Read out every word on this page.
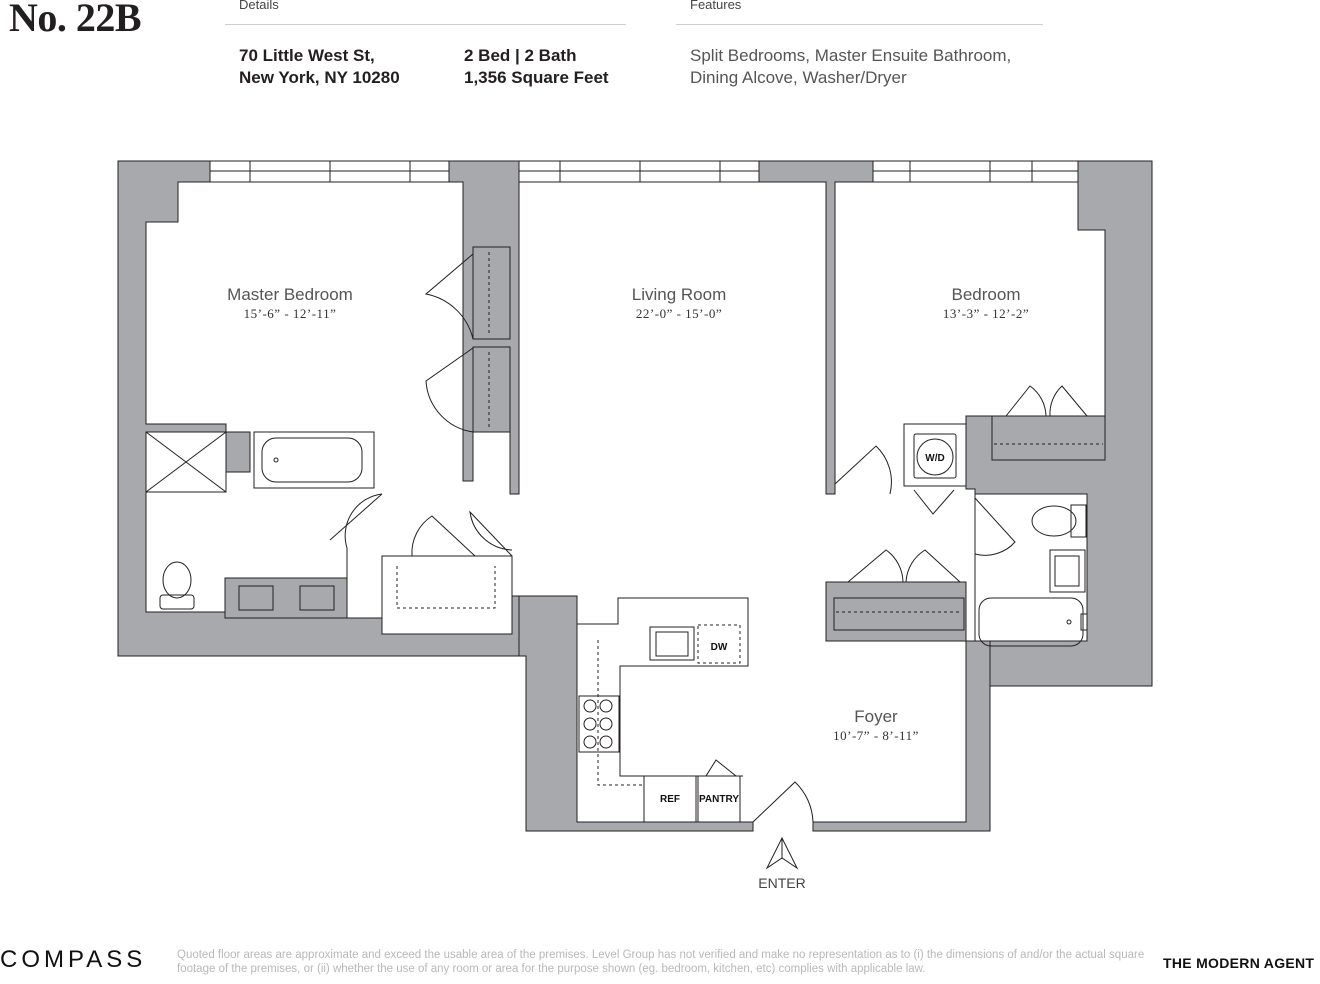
No. 22B	Details
70 Little West St,
New York, NY 10280
2 Bed | 2 Bath
1,356 Square Feet
Features
Split Bedrooms, Master Ensuite Bathroom,
Dining Alcove, Washer/Dryer
Master Bedroom
15’-6” - 12’-11”
Living Room
22’-0” - 15’-0”
Bedroom
13’-3” - 12’-2”
Foyer
10’-7” - 8’-11”
W/D
DW
REF PANTRY
ENTER
COMPASS	Quoted floor areas are approximate and exceed the usable area of the premises. Level Group has not verified and make no representation as to (i) the dimensions of and/or the actual square footage of the premises, or (ii) whether the use of any room or area for the purpose shown (eg. bedroom, kitchen, etc) complies with applicable law.	THE MODERN AGENT
